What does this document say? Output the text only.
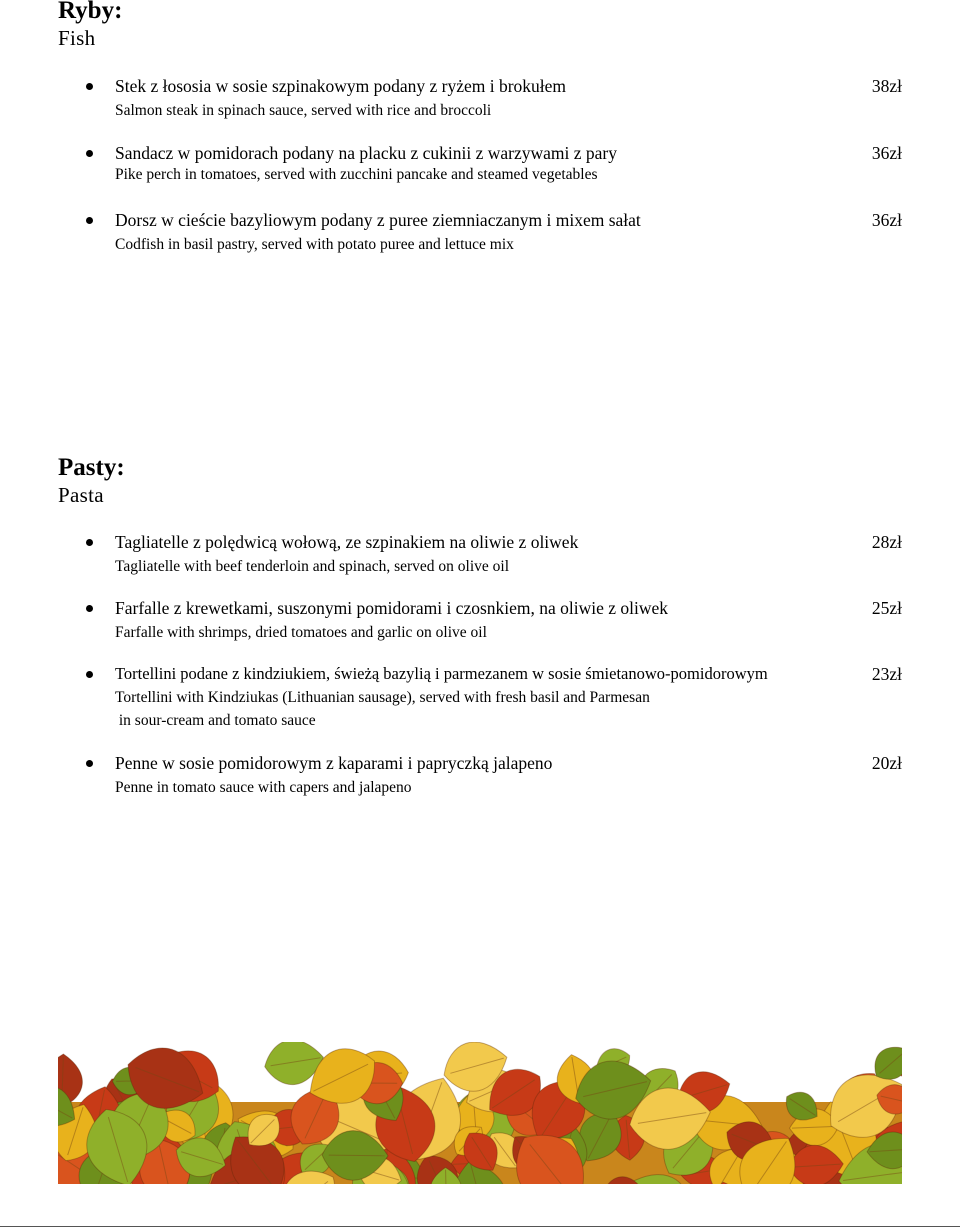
Ryby:
Fish
Stek z łososia w sosie szpinakowym podany z ryżem i brokułem	38zł
Salmon steak in spinach sauce, served with rice and broccoli
Sandacz w pomidorach podany na placku z cukinii z warzywami z pary	36zł
Pike perch in tomatoes, served with zucchini pancake and steamed vegetables
Dorsz w cieście bazyliowym podany z puree ziemniaczanym i mixem sałat	36zł
Codfish in basil pastry, served with potato puree and lettuce mix
Pasty:
Pasta
Tagliatelle z polędwicą wołową, ze szpinakiem na oliwie z oliwek	28zł
Tagliatelle with beef tenderloin and spinach, served on olive oil
Farfalle z krewetkami, suszonymi pomidorami i czosnkiem, na oliwie z oliwek	25zł
Farfalle with shrimps, dried tomatoes and garlic on olive oil
Tortellini podane z kindziukiem, świeżą bazylią i parmezanem w sosie śmietanowo-pomidorowym	23zł
Tortellini with Kindziukas (Lithuanian sausage), served with fresh basil and Parmesan
in sour-cream and tomato sauce
Penne w sosie pomidorowym z kaparami i papryczką jalapeno	20zł
Penne in tomato sauce with capers and jalapeno
